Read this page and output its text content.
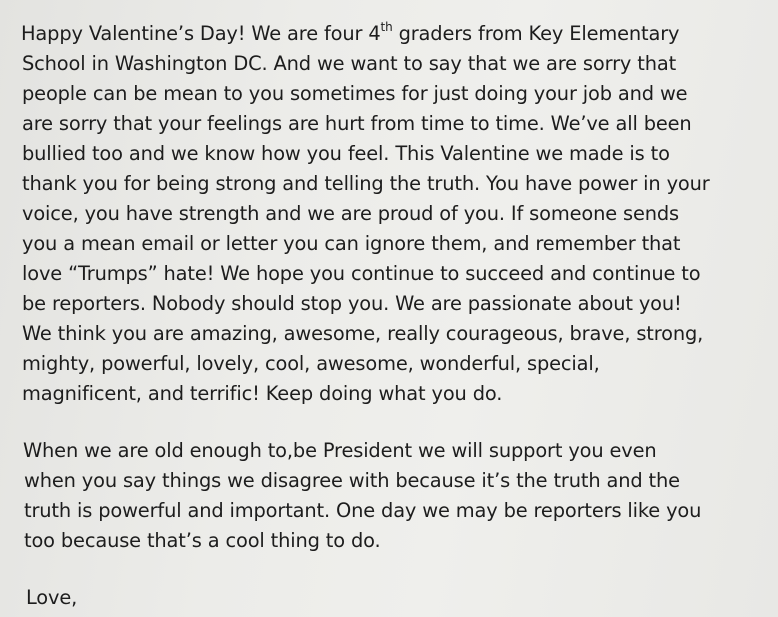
Happy Valentine’s Day! We are four 4th graders from Key Elementary
School in Washington DC. And we want to say that we are sorry that
people can be mean to you sometimes for just doing your job and we
are sorry that your feelings are hurt from time to time. We’ve all been
bullied too and we know how you feel. This Valentine we made is to
thank you for being strong and telling the truth. You have power in your
voice, you have strength and we are proud of you. If someone sends
you a mean email or letter you can ignore them, and remember that
love “Trumps” hate! We hope you continue to succeed and continue to
be reporters. Nobody should stop you. We are passionate about you!
We think you are amazing, awesome, really courageous, brave, strong,
mighty, powerful, lovely, cool, awesome, wonderful, special,
magnificent, and terrific! Keep doing what you do.
When we are old enough to,be President we will support you even
when you say things we disagree with because it’s the truth and the
truth is powerful and important. One day we may be reporters like you
too because that’s a cool thing to do.
Love,
